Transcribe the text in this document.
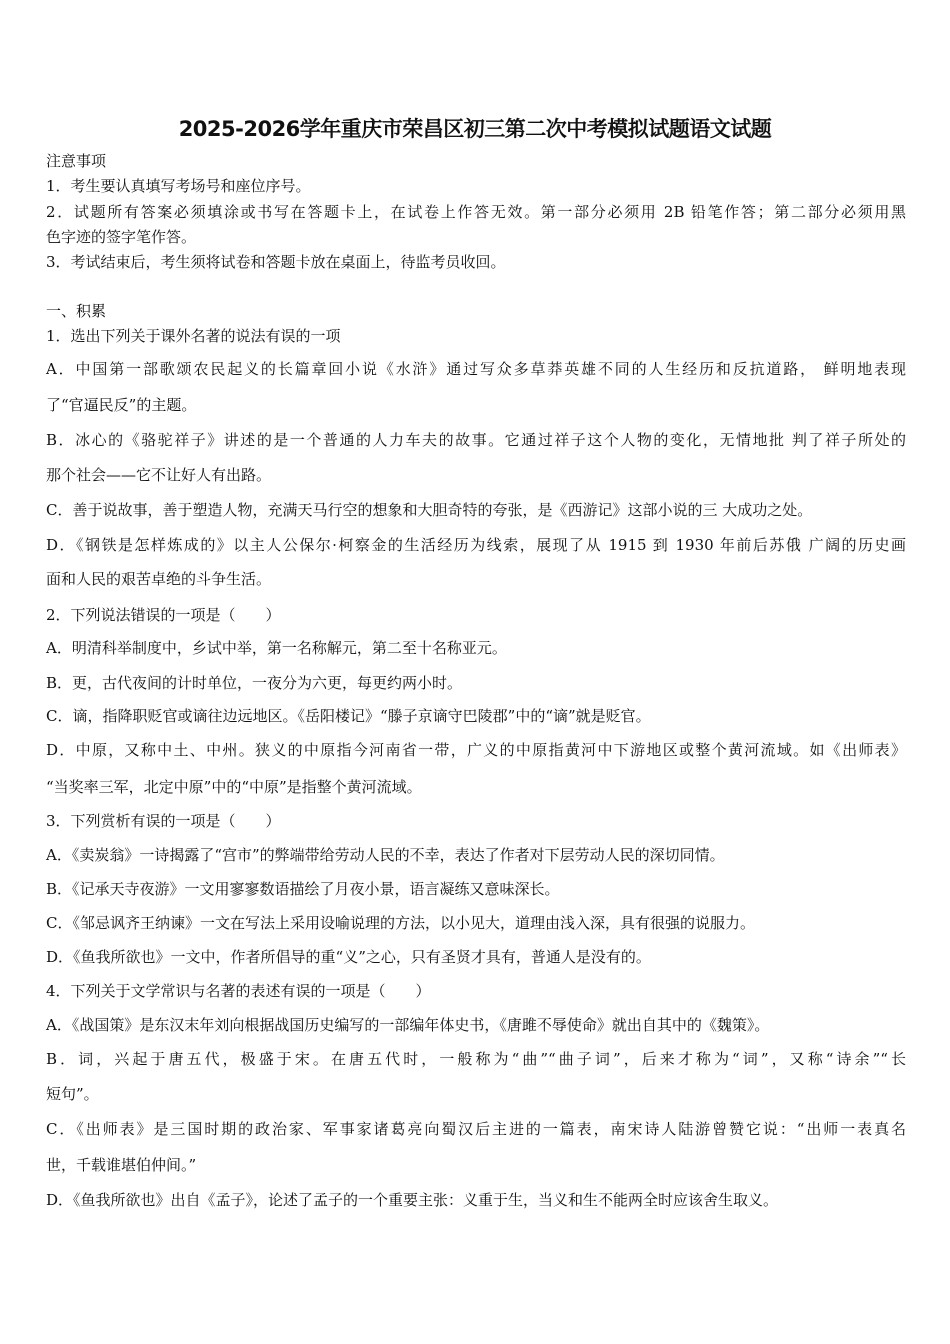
2025-2026学年重庆市荣昌区初三第二次中考模拟试题语文试题
注意事项
1．考生要认真填写考场号和座位序号。
2．试题所有答案必须填涂或书写在答题卡上，在试卷上作答无效。第一部分必须用 2B 铅笔作答；第二部分必须用黑
色字迹的签字笔作答。
3．考试结束后，考生须将试卷和答题卡放在桌面上，待监考员收回。
一、积累
1．选出下列关于课外名著的说法有误的一项
A．中国第一部歌颂农民起义的长篇章回小说《水浒》通过写众多草莽英雄不同的人生经历和反抗道路， 鲜明地表现
了“官逼民反”的主题。
B．冰心的《骆驼祥子》讲述的是一个普通的人力车夫的故事。它通过祥子这个人物的变化，无情地批 判了祥子所处的
那个社会——它不让好人有出路。
C．善于说故事，善于塑造人物，充满天马行空的想象和大胆奇特的夸张，是《西游记》这部小说的三 大成功之处。
D．《钢铁是怎样炼成的》以主人公保尔·柯察金的生活经历为线索，展现了从 1915 到 1930 年前后苏俄 广阔的历史画
面和人民的艰苦卓绝的斗争生活。
2．下列说法错误的一项是（　　）
A．明清科举制度中，乡试中举，第一名称解元，第二至十名称亚元。
B．更，古代夜间的计时单位，一夜分为六更，每更约两小时。
C．谪，指降职贬官或谪往边远地区。《岳阳楼记》“滕子京谪守巴陵郡”中的“谪”就是贬官。
D．中原，又称中土、中州。狭义的中原指今河南省一带，广义的中原指黄河中下游地区或整个黄河流域。如《出师表》
“当奖率三军，北定中原”中的“中原”是指整个黄河流域。
3．下列赏析有误的一项是（　　）
A．《卖炭翁》一诗揭露了“宫市”的弊端带给劳动人民的不幸，表达了作者对下层劳动人民的深切同情。
B．《记承天寺夜游》一文用寥寥数语描绘了月夜小景，语言凝练又意味深长。
C．《邹忌讽齐王纳谏》一文在写法上采用设喻说理的方法，以小见大，道理由浅入深，具有很强的说服力。
D．《鱼我所欲也》一文中，作者所倡导的重“义”之心，只有圣贤才具有，普通人是没有的。
4．下列关于文学常识与名著的表述有误的一项是（　　）
A．《战国策》是东汉末年刘向根据战国历史编写的一部编年体史书，《唐雎不辱使命》就出自其中的《魏策》。
B．词，兴起于唐五代，极盛于宋。在唐五代时，一般称为“曲”“曲子词”，后来才称为“词”，又称“诗余”“长
短句”。
C．《出师表》是三国时期的政治家、军事家诸葛亮向蜀汉后主进的一篇表，南宋诗人陆游曾赞它说：“出师一表真名
世，千载谁堪伯仲间。”
D．《鱼我所欲也》出自《孟子》，论述了孟子的一个重要主张：义重于生，当义和生不能两全时应该舍生取义。
